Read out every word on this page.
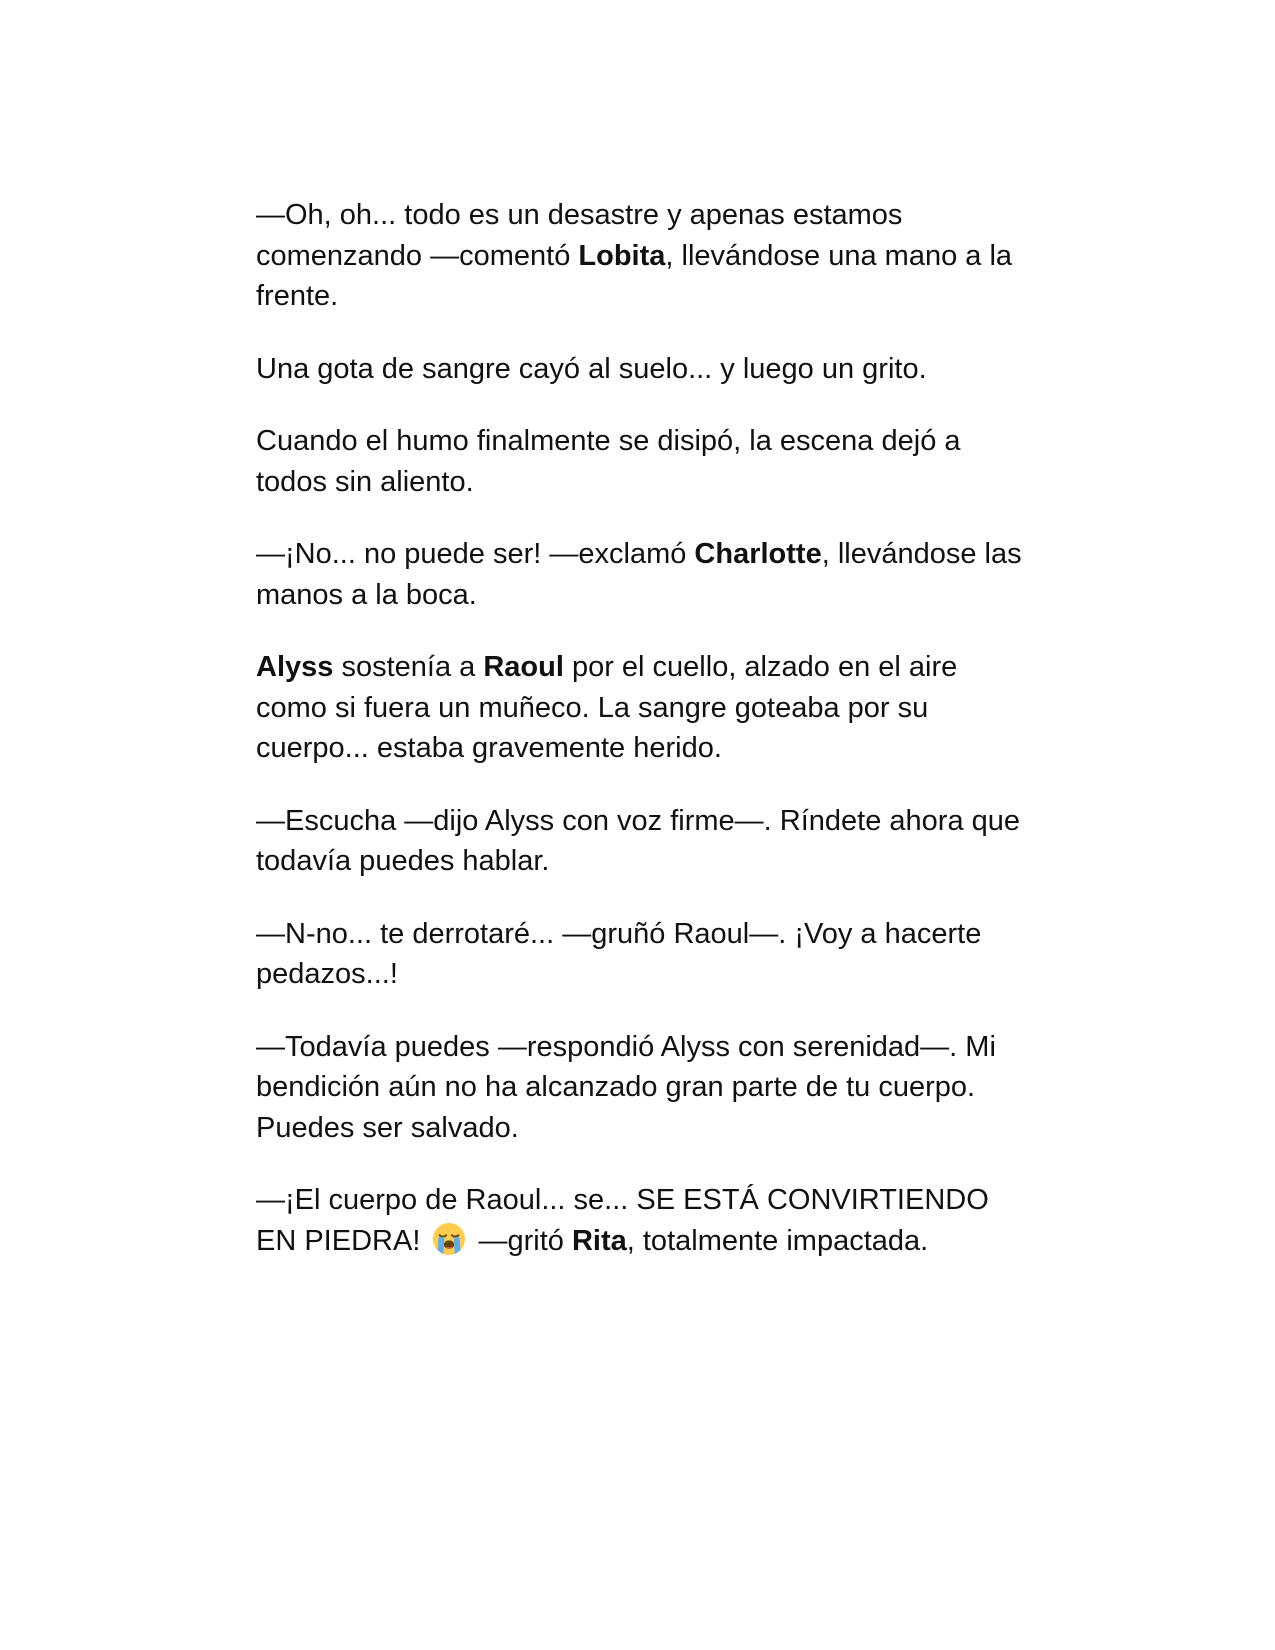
—Oh, oh... todo es un desastre y apenas estamos comenzando —comentó Lobita, llevándose una mano a la frente.

Una gota de sangre cayó al suelo... y luego un grito.

Cuando el humo finalmente se disipó, la escena dejó a todos sin aliento.

—¡No... no puede ser! —exclamó Charlotte, llevándose las manos a la boca.

Alyss sostenía a Raoul por el cuello, alzado en el aire como si fuera un muñeco. La sangre goteaba por su cuerpo... estaba gravemente herido.

—Escucha —dijo Alyss con voz firme—. Ríndete ahora que todavía puedes hablar.

—N-no... te derrotaré... —gruñó Raoul—. ¡Voy a hacerte pedazos...!

—Todavía puedes —respondió Alyss con serenidad—. Mi bendición aún no ha alcanzado gran parte de tu cuerpo. Puedes ser salvado.

—¡El cuerpo de Raoul... se... SE ESTÁ CONVIRTIENDO EN PIEDRA!  —gritó Rita, totalmente impactada.
